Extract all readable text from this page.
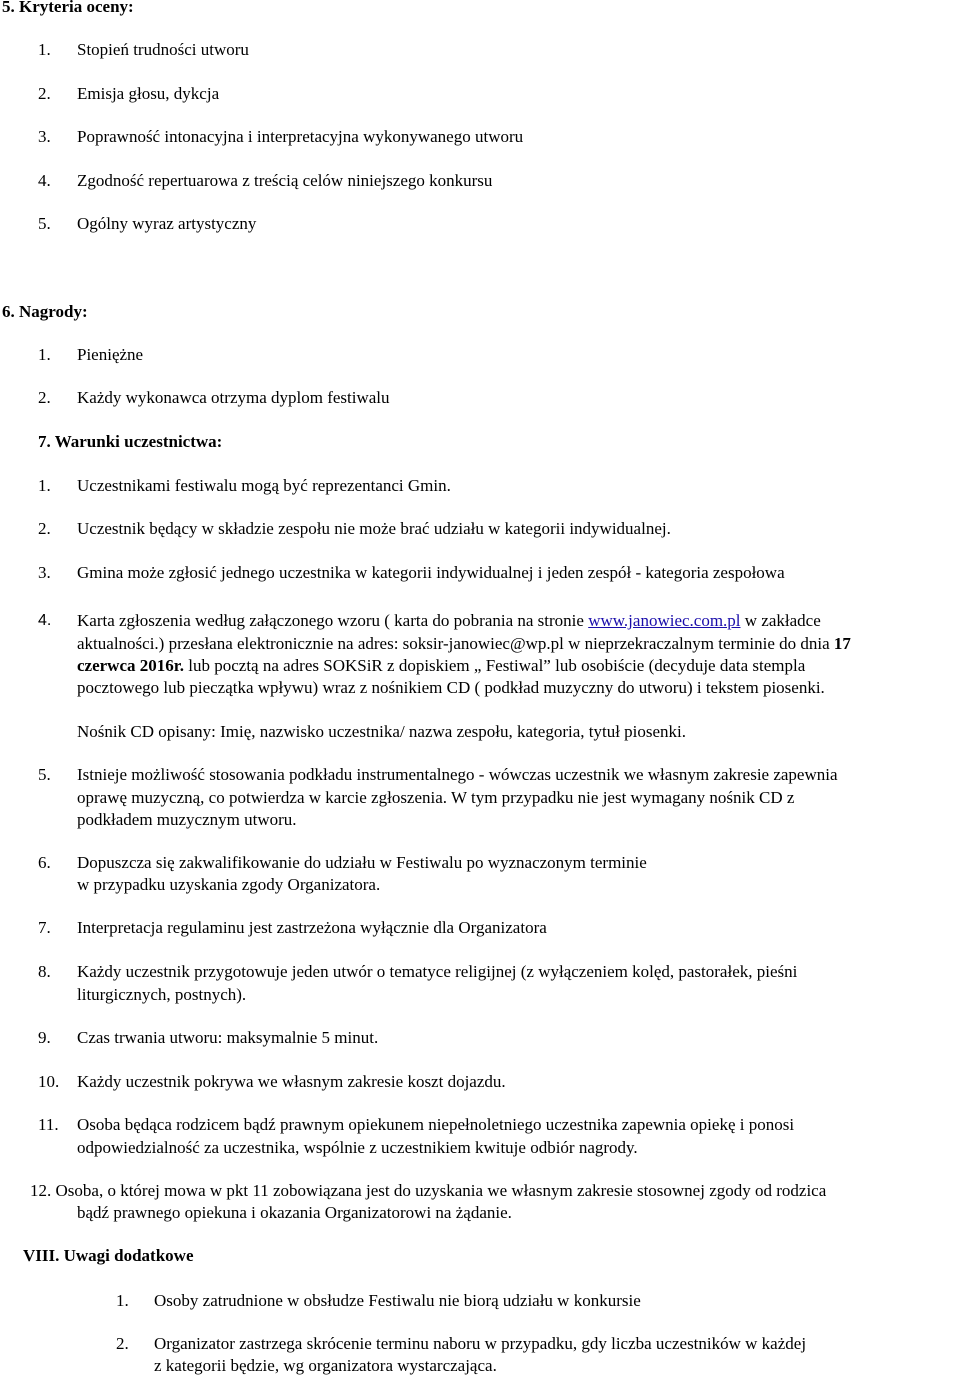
5. Kryteria oceny:
1. Stopień trudności utworu
2. Emisja głosu, dykcja
3. Poprawność intonacyjna i interpretacyjna wykonywanego utworu
4. Zgodność repertuarowa z treścią celów niniejszego konkursu
5. Ogólny wyraz artystyczny
6. Nagrody:
1. Pieniężne
2. Każdy wykonawca otrzyma dyplom festiwalu
7. Warunki uczestnictwa:
1. Uczestnikami festiwalu mogą być reprezentanci Gmin.
2. Uczestnik będący w składzie zespołu nie może brać udziału w kategorii indywidualnej.
3. Gmina może zgłosić jednego uczestnika w kategorii indywidualnej i jeden zespół - kategoria zespołowa
4. Karta zgłoszenia według załączonego wzoru ( karta do pobrania na stronie www.janowiec.com.pl w zakładce
aktualności.) przesłana elektronicznie na adres: soksir-janowiec@wp.pl w nieprzekraczalnym terminie do dnia 17
czerwca 2016r. lub pocztą na adres SOKSiR z dopiskiem „ Festiwal” lub osobiście (decyduje data stempla
pocztowego lub pieczątka wpływu) wraz z nośnikiem CD ( podkład muzyczny do utworu) i tekstem piosenki.
Nośnik CD opisany: Imię, nazwisko uczestnika/ nazwa zespołu, kategoria, tytuł piosenki.
5. Istnieje możliwość stosowania podkładu instrumentalnego - wówczas uczestnik we własnym zakresie zapewnia
oprawę muzyczną, co potwierdza w karcie zgłoszenia. W tym przypadku nie jest wymagany nośnik CD z
podkładem muzycznym utworu.
6. Dopuszcza się zakwalifikowanie do udziału w Festiwalu po wyznaczonym terminie
w przypadku uzyskania zgody Organizatora.
7. Interpretacja regulaminu jest zastrzeżona wyłącznie dla Organizatora
8. Każdy uczestnik przygotowuje jeden utwór o tematyce religijnej (z wyłączeniem kolęd, pastorałek, pieśni
liturgicznych, postnych).
9. Czas trwania utworu: maksymalnie 5 minut.
10. Każdy uczestnik pokrywa we własnym zakresie koszt dojazdu.
11. Osoba będąca rodzicem bądź prawnym opiekunem niepełnoletniego uczestnika zapewnia opiekę i ponosi
odpowiedzialność za uczestnika, wspólnie z uczestnikiem kwituje odbiór nagrody.
12. Osoba, o której mowa w pkt 11 zobowiązana jest do uzyskania we własnym zakresie stosownej zgody od rodzica
bądź prawnego opiekuna i okazania Organizatorowi na żądanie.
VIII. Uwagi dodatkowe
1. Osoby zatrudnione w obsłudze Festiwalu nie biorą udziału w konkursie
2. Organizator zastrzega skrócenie terminu naboru w przypadku, gdy liczba uczestników w każdej
z kategorii będzie, wg organizatora wystarczająca.
